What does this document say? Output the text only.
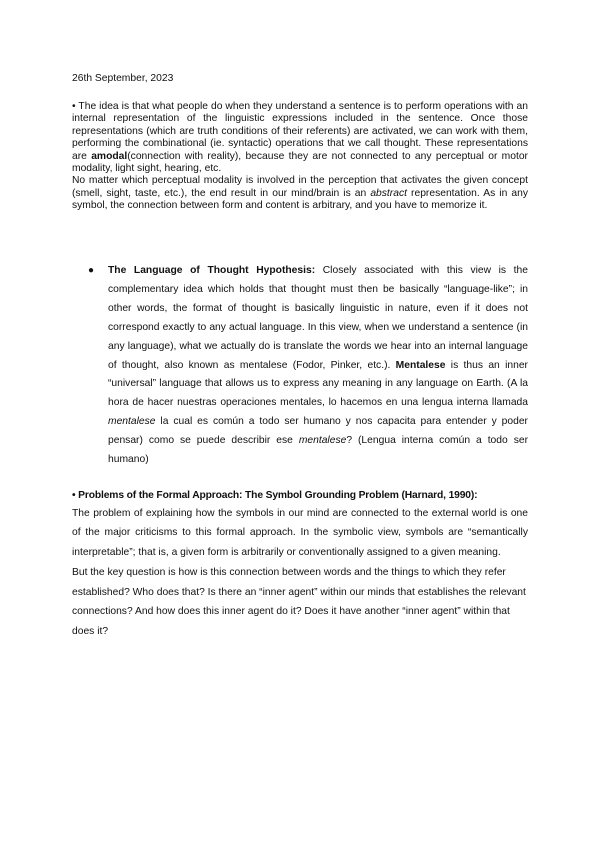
26th September, 2023

• The idea is that what people do when they understand a sentence is to perform operations with an internal representation of the linguistic expressions included in the sentence. Once those representations (which are truth conditions of their referents) are activated, we can work with them, performing the combinational (ie. syntactic) operations that we call thought. These representations are amodal(connection with reality), because they are not connected to any perceptual or motor modality, light sight, hearing, etc.

No matter which perceptual modality is involved in the perception that activates the given concept (smell, sight, taste, etc.), the end result in our mind/brain is an abstract representation. As in any symbol, the connection between form and content is arbitrary, and you have to memorize it.

●	The Language of Thought Hypothesis: Closely associated with this view is the complementary idea which holds that thought must then be basically “language-like”; in other words, the format of thought is basically linguistic in nature, even if it does not correspond exactly to any actual language. In this view, when we understand a sentence (in any language), what we actually do is translate the words we hear into an internal language of thought, also known as mentalese (Fodor, Pinker, etc.). Mentalese is thus an inner “universal” language that allows us to express any meaning in any language on Earth. (A la hora de hacer nuestras operaciones mentales, lo hacemos en una lengua interna llamada mentalese la cual es común a todo ser humano y nos capacita para entender y poder pensar) como se puede describir ese mentalese? (Lengua interna común a todo ser humano)

• Problems of the Formal Approach: The Symbol Grounding Problem (Harnard, 1990):

The problem of explaining how the symbols in our mind are connected to the external world is one of the major criticisms to this formal approach. In the symbolic view, symbols are “semantically interpretable”; that is, a given form is arbitrarily or conventionally assigned to a given meaning.

But the key question is how is this connection between words and the things to which they refer established? Who does that? Is there an “inner agent” within our minds that establishes the relevant connections? And how does this inner agent do it? Does it have another “inner agent” within that does it?
